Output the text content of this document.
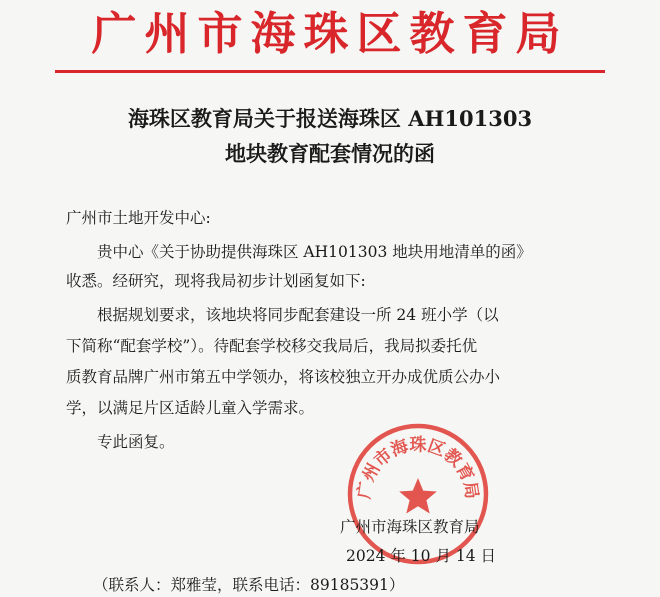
广州市海珠区教育局
海珠区教育局关于报送海珠区 AH101303
地块教育配套情况的函
广州市土地开发中心:
贵中心《关于协助提供海珠区 AH101303 地块用地清单的函》
收悉。经研究，现将我局初步计划函复如下:
根据规划要求，该地块将同步配套建设一所 24 班小学（以
下简称“配套学校”）。待配套学校移交我局后，我局拟委托优
质教育品牌广州市第五中学领办，将该校独立开办成优质公办小
学，以满足片区适龄儿童入学需求。
专此函复。
广州市海珠区教育局
广州市海珠区教育局
2024 年 10 月 14 日
（联系人：郑雅莹，联系电话：89185391）
